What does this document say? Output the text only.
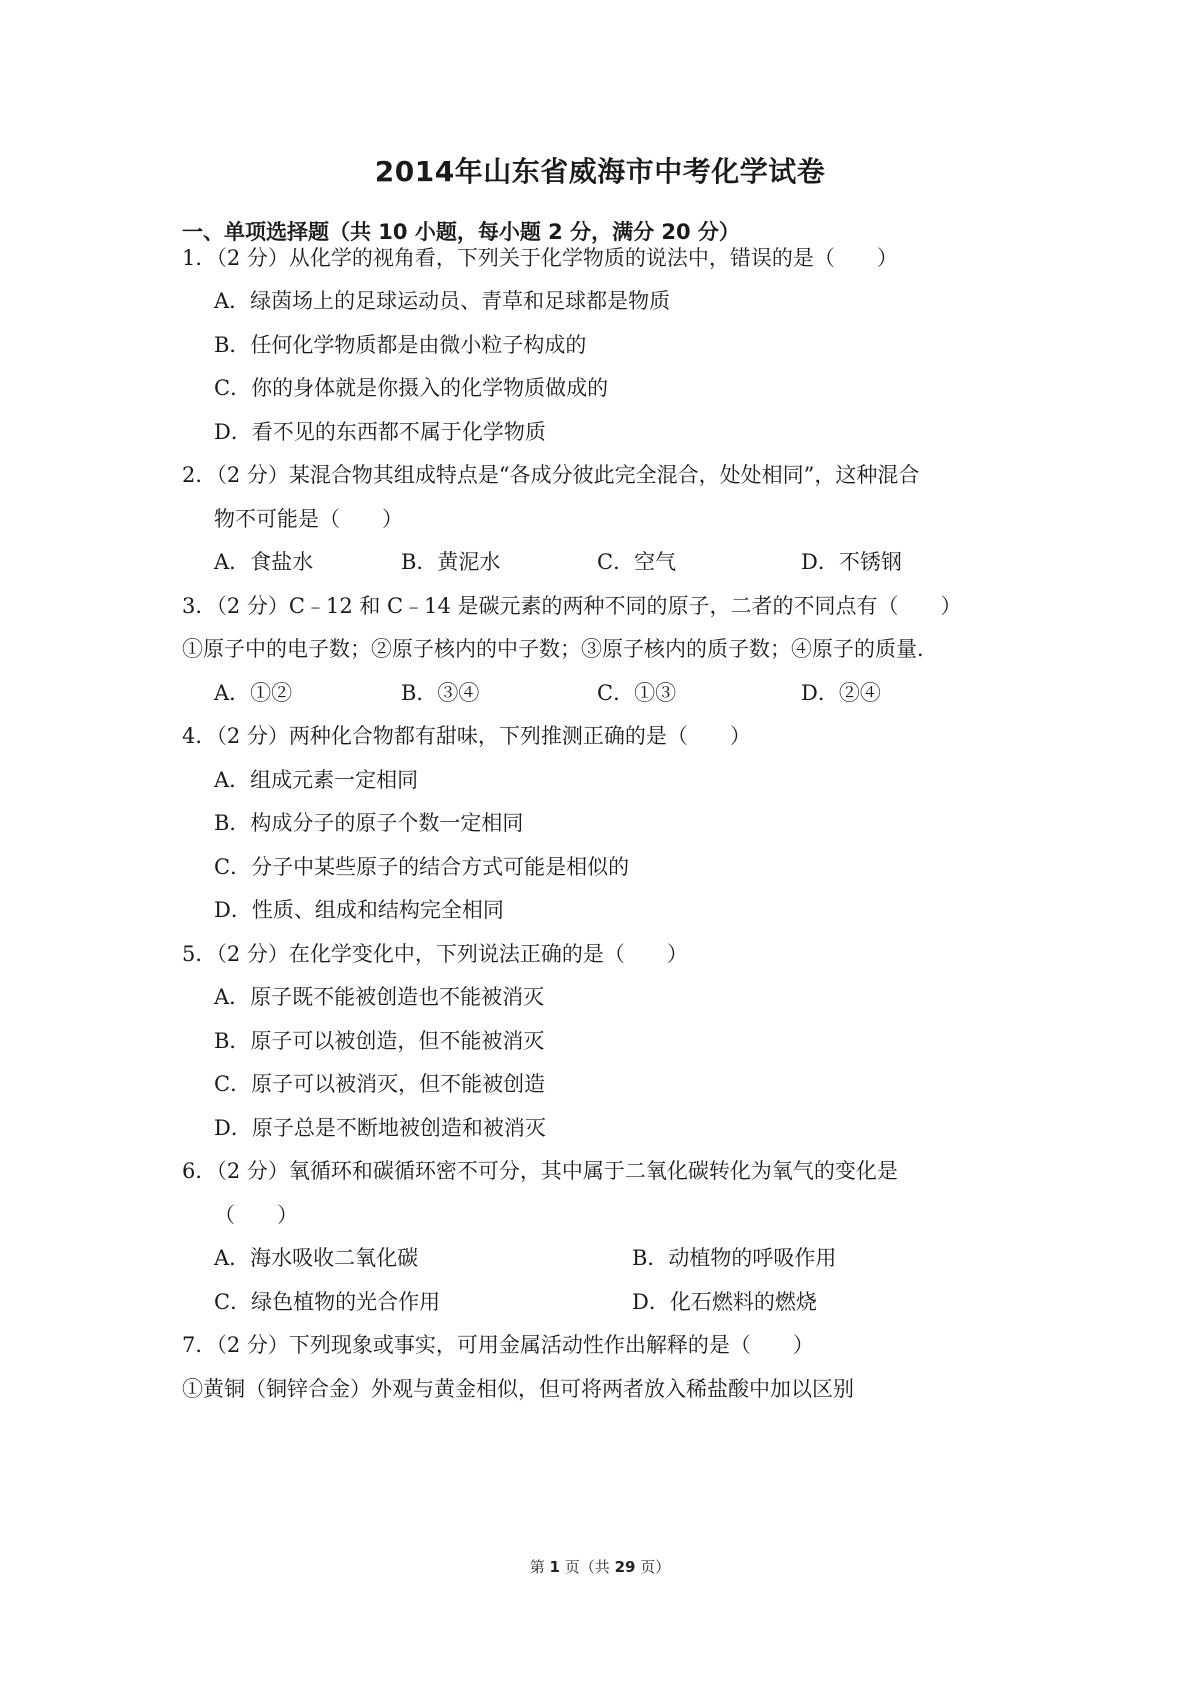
2014年山东省威海市中考化学试卷
一、单项选择题（共 10 小题，每小题 2 分，满分 20 分）
1．（2 分）从化学的视角看，下列关于化学物质的说法中，错误的是（　　）
A．绿茵场上的足球运动员、青草和足球都是物质
B．任何化学物质都是由微小粒子构成的
C．你的身体就是你摄入的化学物质做成的
D．看不见的东西都不属于化学物质
2．（2 分）某混合物其组成特点是“各成分彼此完全混合，处处相同”，这种混合
物不可能是（　　）
A．食盐水	B．黄泥水	C．空气	D．不锈钢
3．（2 分）C﹣12 和 C﹣14 是碳元素的两种不同的原子，二者的不同点有（　　）
①原子中的电子数；②原子核内的中子数；③原子核内的质子数；④原子的质量．
A．①②	B．③④	C．①③	D．②④
4．（2 分）两种化合物都有甜味，下列推测正确的是（　　）
A．组成元素一定相同
B．构成分子的原子个数一定相同
C．分子中某些原子的结合方式可能是相似的
D．性质、组成和结构完全相同
5．（2 分）在化学变化中，下列说法正确的是（　　）
A．原子既不能被创造也不能被消灭
B．原子可以被创造，但不能被消灭
C．原子可以被消灭，但不能被创造
D．原子总是不断地被创造和被消灭
6．（2 分）氧循环和碳循环密不可分，其中属于二氧化碳转化为氧气的变化是
（　　）
A．海水吸收二氧化碳	B．动植物的呼吸作用
C．绿色植物的光合作用	D．化石燃料的燃烧
7．（2 分）下列现象或事实，可用金属活动性作出解释的是（　　）
①黄铜（铜锌合金）外观与黄金相似，但可将两者放入稀盐酸中加以区别
第 1 页（共 29 页）
